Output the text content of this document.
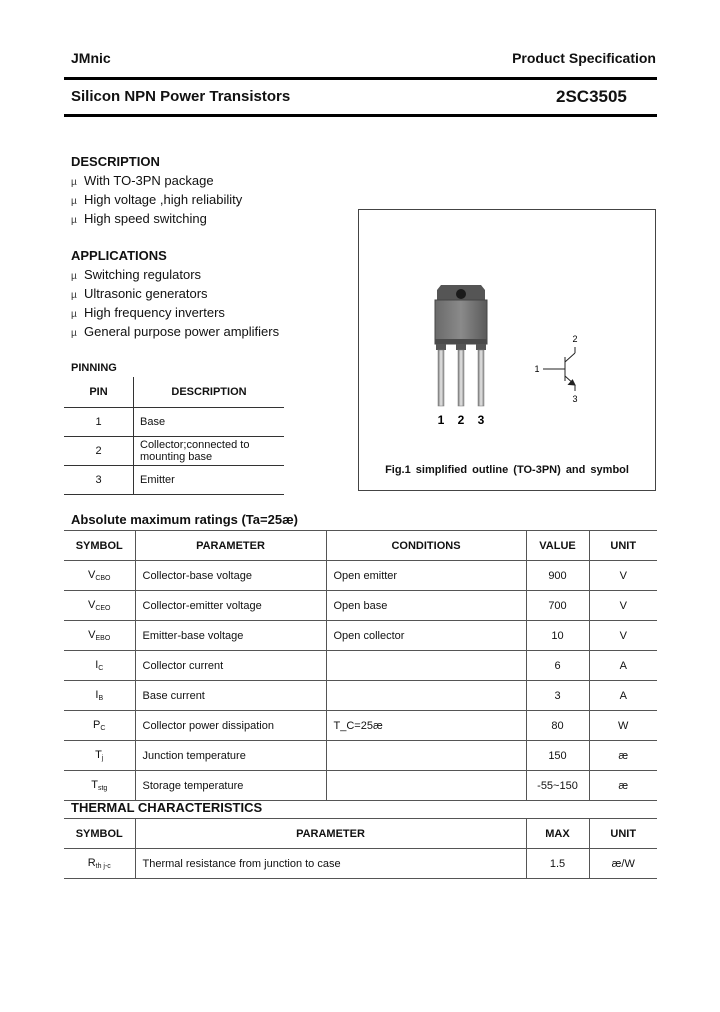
JMnic	Product Specification
Silicon NPN Power Transistors	2SC3505
DESCRIPTION
µ With TO-3PN package
µ High voltage ,high reliability
µ High speed switching
APPLICATIONS
µ Switching regulators
µ Ultrasonic generators
µ High frequency inverters
µ General purpose power amplifiers
PINNING
PIN	DESCRIPTION
1	Base
2	Collector;connected to mounting base
3	Emitter
1 2 3
1
2
3
Fig.1 simplified outline (TO-3PN) and symbol
Absolute maximum ratings (Ta=25æ)
SYMBOL	PARAMETER	CONDITIONS	VALUE	UNIT
$V_{CBO}$	Collector-base voltage	Open emitter	900	V
$V_{CEO}$	Collector-emitter voltage	Open base	700	V
$V_{EBO}$	Emitter-base voltage	Open collector	10	V
$I_C$	Collector current		6	A
$I_B$	Base current		3	A
$P_C$	Collector power dissipation	T_C=25æ	80	W
$T_j$	Junction temperature		150	æ
$T_{stg}$	Storage temperature		-55~150	æ
THERMAL CHARACTERISTICS
SYMBOL	PARAMETER	MAX	UNIT
$R_{th j-c}$	Thermal resistance from junction to case	1.5	æ/W
